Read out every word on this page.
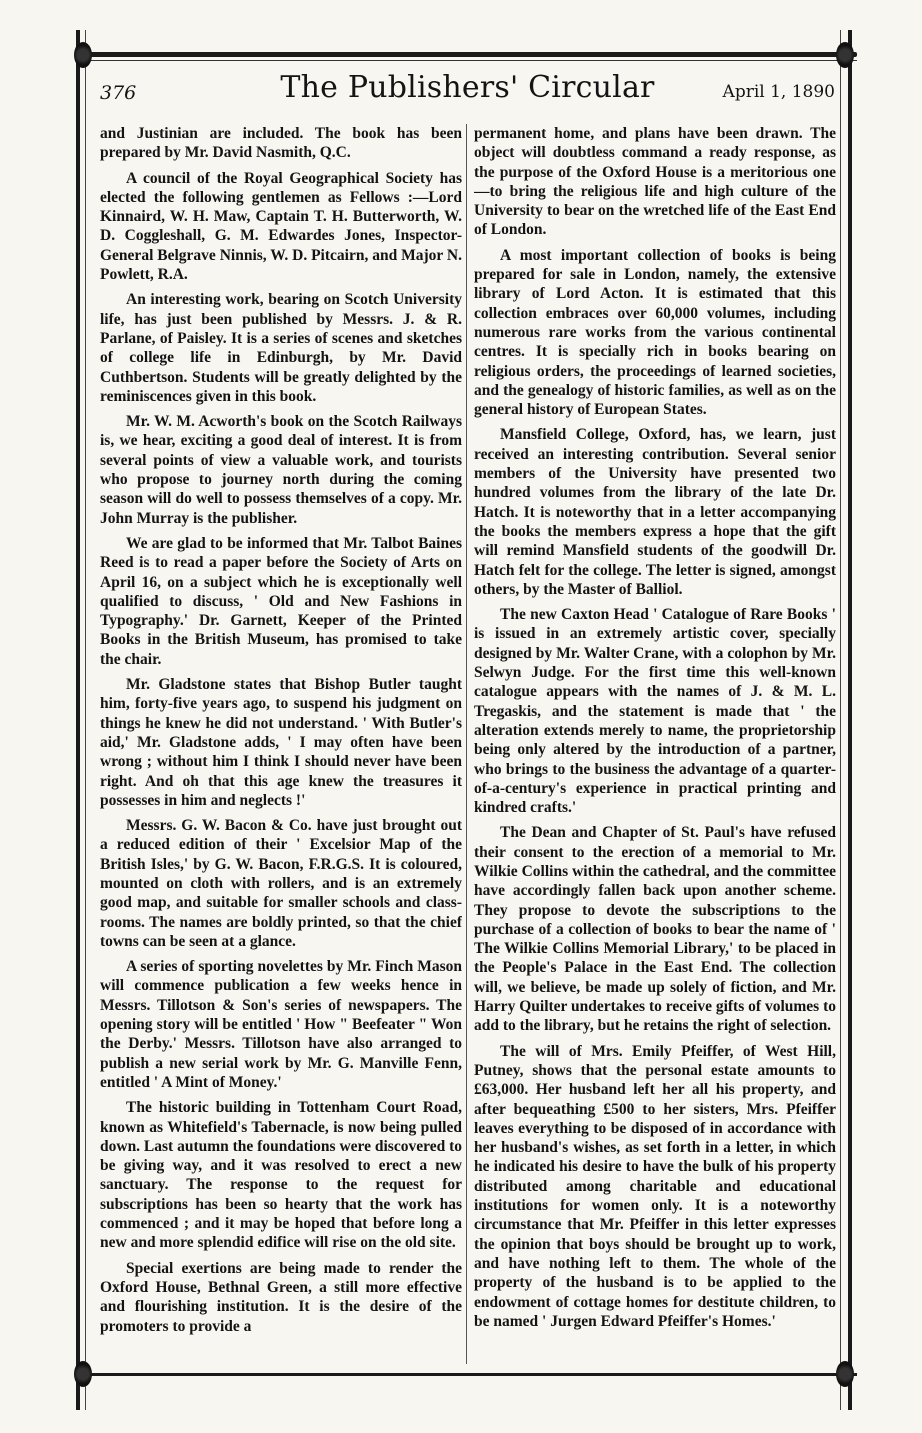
376	The Publishers' Circular	April 1, 1890

and Justinian are included. The book has been prepared by Mr. David Nasmith, Q.C.

A council of the Royal Geographical Society has elected the following gentlemen as Fellows :—Lord Kinnaird, W. H. Maw, Captain T. H. Butterworth, W. D. Coggleshall, G. M. Edwardes Jones, Inspector-General Belgrave Ninnis, W. D. Pitcairn, and Major N. Powlett, R.A.

An interesting work, bearing on Scotch University life, has just been published by Messrs. J. & R. Parlane, of Paisley. It is a series of scenes and sketches of college life in Edinburgh, by Mr. David Cuthbertson. Students will be greatly delighted by the reminiscences given in this book.

Mr. W. M. Acworth's book on the Scotch Railways is, we hear, exciting a good deal of interest. It is from several points of view a valuable work, and tourists who propose to journey north during the coming season will do well to possess themselves of a copy. Mr. John Murray is the publisher.

We are glad to be informed that Mr. Talbot Baines Reed is to read a paper before the Society of Arts on April 16, on a subject which he is exceptionally well qualified to discuss, ' Old and New Fashions in Typography.' Dr. Garnett, Keeper of the Printed Books in the British Museum, has promised to take the chair.

Mr. Gladstone states that Bishop Butler taught him, forty-five years ago, to suspend his judgment on things he knew he did not understand. ' With Butler's aid,' Mr. Gladstone adds, ' I may often have been wrong ; without him I think I should never have been right. And oh that this age knew the treasures it possesses in him and neglects !'

Messrs. G. W. Bacon & Co. have just brought out a reduced edition of their ' Excelsior Map of the British Isles,' by G. W. Bacon, F.R.G.S. It is coloured, mounted on cloth with rollers, and is an extremely good map, and suitable for smaller schools and class-rooms. The names are boldly printed, so that the chief towns can be seen at a glance.

A series of sporting novelettes by Mr. Finch Mason will commence publication a few weeks hence in Messrs. Tillotson & Son's series of newspapers. The opening story will be entitled ' How " Beefeater " Won the Derby.' Messrs. Tillotson have also arranged to publish a new serial work by Mr. G. Manville Fenn, entitled ' A Mint of Money.'

The historic building in Tottenham Court Road, known as Whitefield's Tabernacle, is now being pulled down. Last autumn the foundations were discovered to be giving way, and it was resolved to erect a new sanctuary. The response to the request for subscriptions has been so hearty that the work has commenced ; and it may be hoped that before long a new and more splendid edifice will rise on the old site.

Special exertions are being made to render the Oxford House, Bethnal Green, a still more effective and flourishing institution. It is the desire of the promoters to provide a

permanent home, and plans have been drawn. The object will doubtless command a ready response, as the purpose of the Oxford House is a meritorious one—to bring the religious life and high culture of the University to bear on the wretched life of the East End of London.

A most important collection of books is being prepared for sale in London, namely, the extensive library of Lord Acton. It is estimated that this collection embraces over 60,000 volumes, including numerous rare works from the various continental centres. It is specially rich in books bearing on religious orders, the proceedings of learned societies, and the genealogy of historic families, as well as on the general history of European States.

Mansfield College, Oxford, has, we learn, just received an interesting contribution. Several senior members of the University have presented two hundred volumes from the library of the late Dr. Hatch. It is noteworthy that in a letter accompanying the books the members express a hope that the gift will remind Mansfield students of the goodwill Dr. Hatch felt for the college. The letter is signed, amongst others, by the Master of Balliol.

The new Caxton Head ' Catalogue of Rare Books ' is issued in an extremely artistic cover, specially designed by Mr. Walter Crane, with a colophon by Mr. Selwyn Judge. For the first time this well-known catalogue appears with the names of J. & M. L. Tregaskis, and the statement is made that ' the alteration extends merely to name, the proprietorship being only altered by the introduction of a partner, who brings to the business the advantage of a quarter-of-a-century's experience in practical printing and kindred crafts.'

The Dean and Chapter of St. Paul's have refused their consent to the erection of a memorial to Mr. Wilkie Collins within the cathedral, and the committee have accordingly fallen back upon another scheme. They propose to devote the subscriptions to the purchase of a collection of books to bear the name of ' The Wilkie Collins Memorial Library,' to be placed in the People's Palace in the East End. The collection will, we believe, be made up solely of fiction, and Mr. Harry Quilter undertakes to receive gifts of volumes to add to the library, but he retains the right of selection.

The will of Mrs. Emily Pfeiffer, of West Hill, Putney, shows that the personal estate amounts to £63,000. Her husband left her all his property, and after bequeathing £500 to her sisters, Mrs. Pfeiffer leaves everything to be disposed of in accordance with her husband's wishes, as set forth in a letter, in which he indicated his desire to have the bulk of his property distributed among charitable and educational institutions for women only. It is a noteworthy circumstance that Mr. Pfeiffer in this letter expresses the opinion that boys should be brought up to work, and have nothing left to them. The whole of the property of the husband is to be applied to the endowment of cottage homes for destitute children, to be named ' Jurgen Edward Pfeiffer's Homes.'
